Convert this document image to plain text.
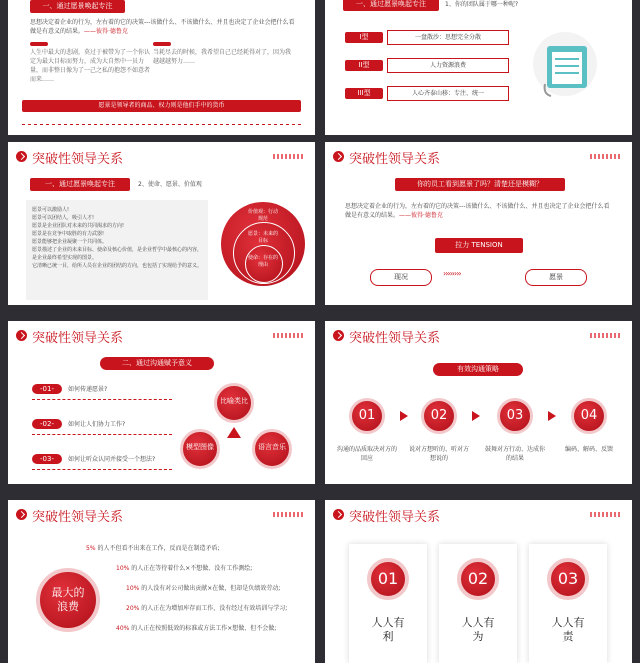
一、通过愿景唤起专注
思想决定着企业的行为，左右着的它的决策---该做什么、不该做什么、并且也决定了企业会把什么看做是有意义的结果。——彼得·德鲁克
人生中最大的悲剧，莫过于被带为了一个你认定为最大目标而努力，成为大自然中一员力量，而非整日像为了一己之私的抱怨不如意者而来……
当耗尽去的时候，我希望自己已经耗得对了，因为我越越越努力……
愿景是领导者的商品、权力则是他们手中的货币
一、通过愿景唤起专注	1、你的团队属于哪一种呢?
I型	一盘散沙：思想完全分散
II型	人力资源浪费
III型	人心齐泰山移：专注、统一
突破性领导关系
一、通过愿景唤起专注	2、使命、愿景、价值观
愿景可以激励人!
愿景可以团结人，吸引人才!
愿景是企业团队对未来的共同渴求的方向!
愿景是在竞争中取胜的有力武器!
愿景能够把企业凝聚一个共同体。
愿景描述了企业的未来目标、使命及核心价值，是企业哲学中最核心的内容，是企业最终希望实现的图景。
它清晰已统一目，给所人员在企业的团结的方向，也包括了实现给予的意义。
价值观：行动规范
愿景：未来的目标
使命：存在的理由
突破性领导关系
你的员工看到愿景了吗？清楚还是模糊？
思想决定着企业的行为，左右着的它的决策---该做什么、不该做什么、并且也决定了企业会把什么看做是有意义的结果。——彼得·德鲁克
拉力 TENSION
现况	››››››››	愿景
突破性领导关系
二、通过沟通赋予意义
-01-	如何传递愿景?
-02-	如何让人们协力工作?
-03-	如何让听众认同并接受一个想法?
比喻类比
模型图像	语言音乐
突破性领导关系
有效沟通策略
01	02	03	04
沟通的品质取决对方的回应
说对方想听的、听对方想说的
鼓舞对方行动、达成你的结果
编码、解码、反馈
突破性领导关系
最大的浪费
5% 的人不但看不出来在工作，反而是在制造矛盾;
10% 的人正在等待着什么×不想做、没有工作测绘;
10% 的人没有对公司做出贡献×在做，但却是负绩效劳动;
20% 的人正在为增加库存而工作，没有经过有效培训与学习;
40% 的人正在按照低效的标准或方法工作×想做、但不会做;
突破性领导关系
01
人人有利
02
人人有为
03
人人有责
